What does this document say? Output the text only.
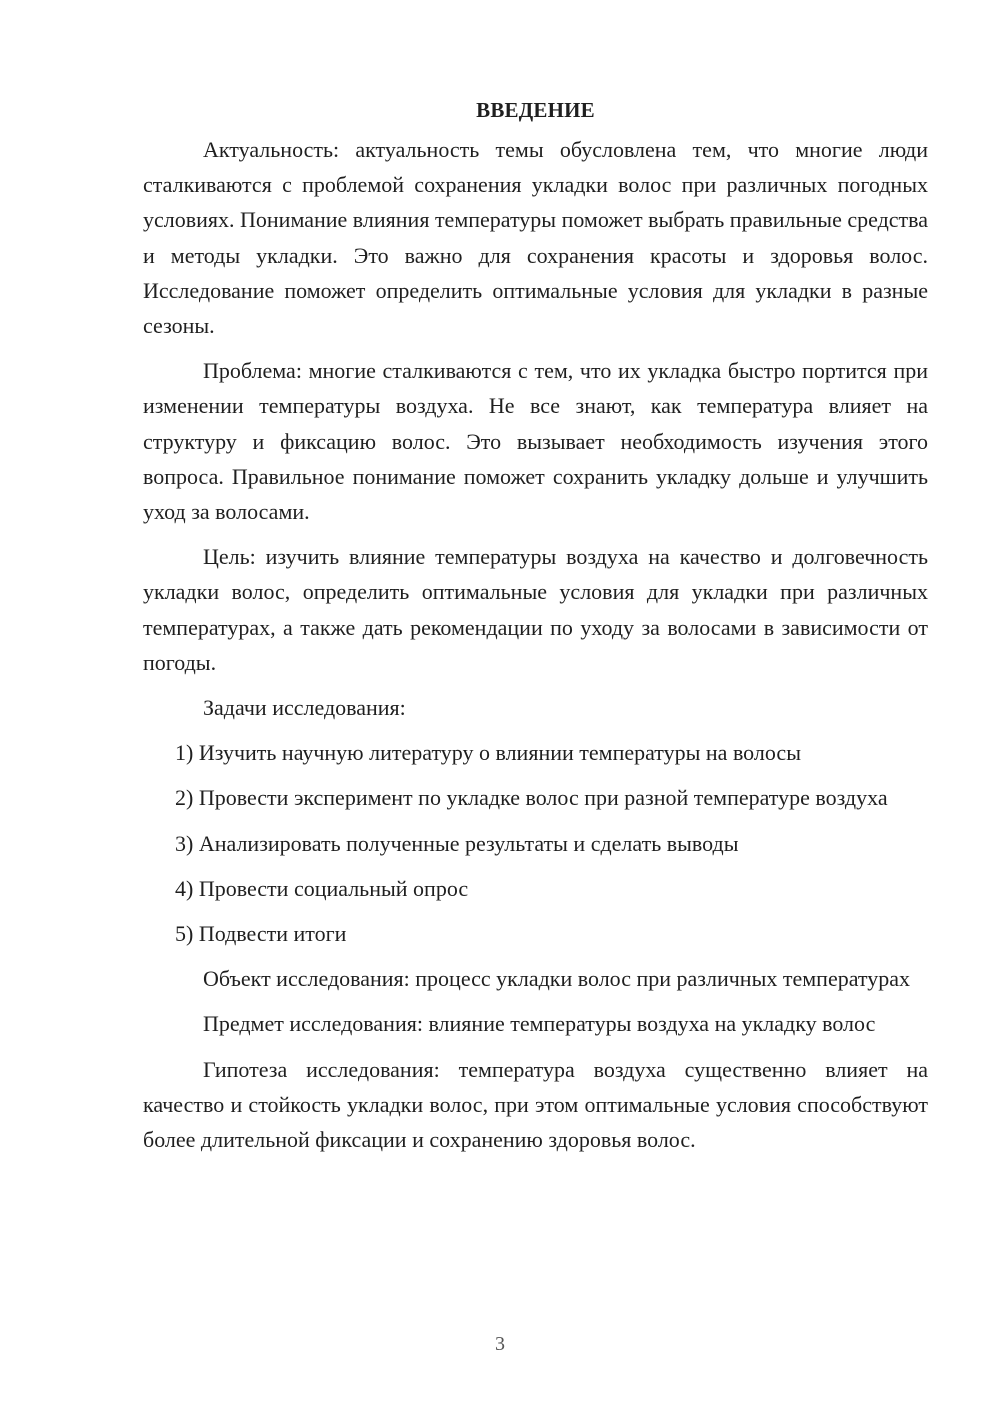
ВВЕДЕНИЕ

Актуальность: актуальность темы обусловлена тем, что многие люди сталкиваются с проблемой сохранения укладки волос при различных погодных условиях. Понимание влияния температуры поможет выбрать правильные средства и методы укладки. Это важно для сохранения красоты и здоровья волос. Исследование поможет определить оптимальные условия для укладки в разные сезоны.

Проблема: многие сталкиваются с тем, что их укладка быстро портится при изменении температуры воздуха. Не все знают, как температура влияет на структуру и фиксацию волос. Это вызывает необходимость изучения этого вопроса. Правильное понимание поможет сохранить укладку дольше и улучшить уход за волосами.

Цель: изучить влияние температуры воздуха на качество и долговечность укладки волос, определить оптимальные условия для укладки при различных температурах, а также дать рекомендации по уходу за волосами в зависимости от погоды.

Задачи исследования:

1) Изучить научную литературу о влиянии температуры на волосы

2) Провести эксперимент по укладке волос при разной температуре воздуха

3) Анализировать полученные результаты и сделать выводы

4) Провести социальный опрос

5) Подвести итоги

Объект исследования: процесс укладки волос при различных температурах

Предмет исследования: влияние температуры воздуха на укладку волос

Гипотеза исследования: температура воздуха существенно влияет на качество и стойкость укладки волос, при этом оптимальные условия способствуют более длительной фиксации и сохранению здоровья волос.

3
